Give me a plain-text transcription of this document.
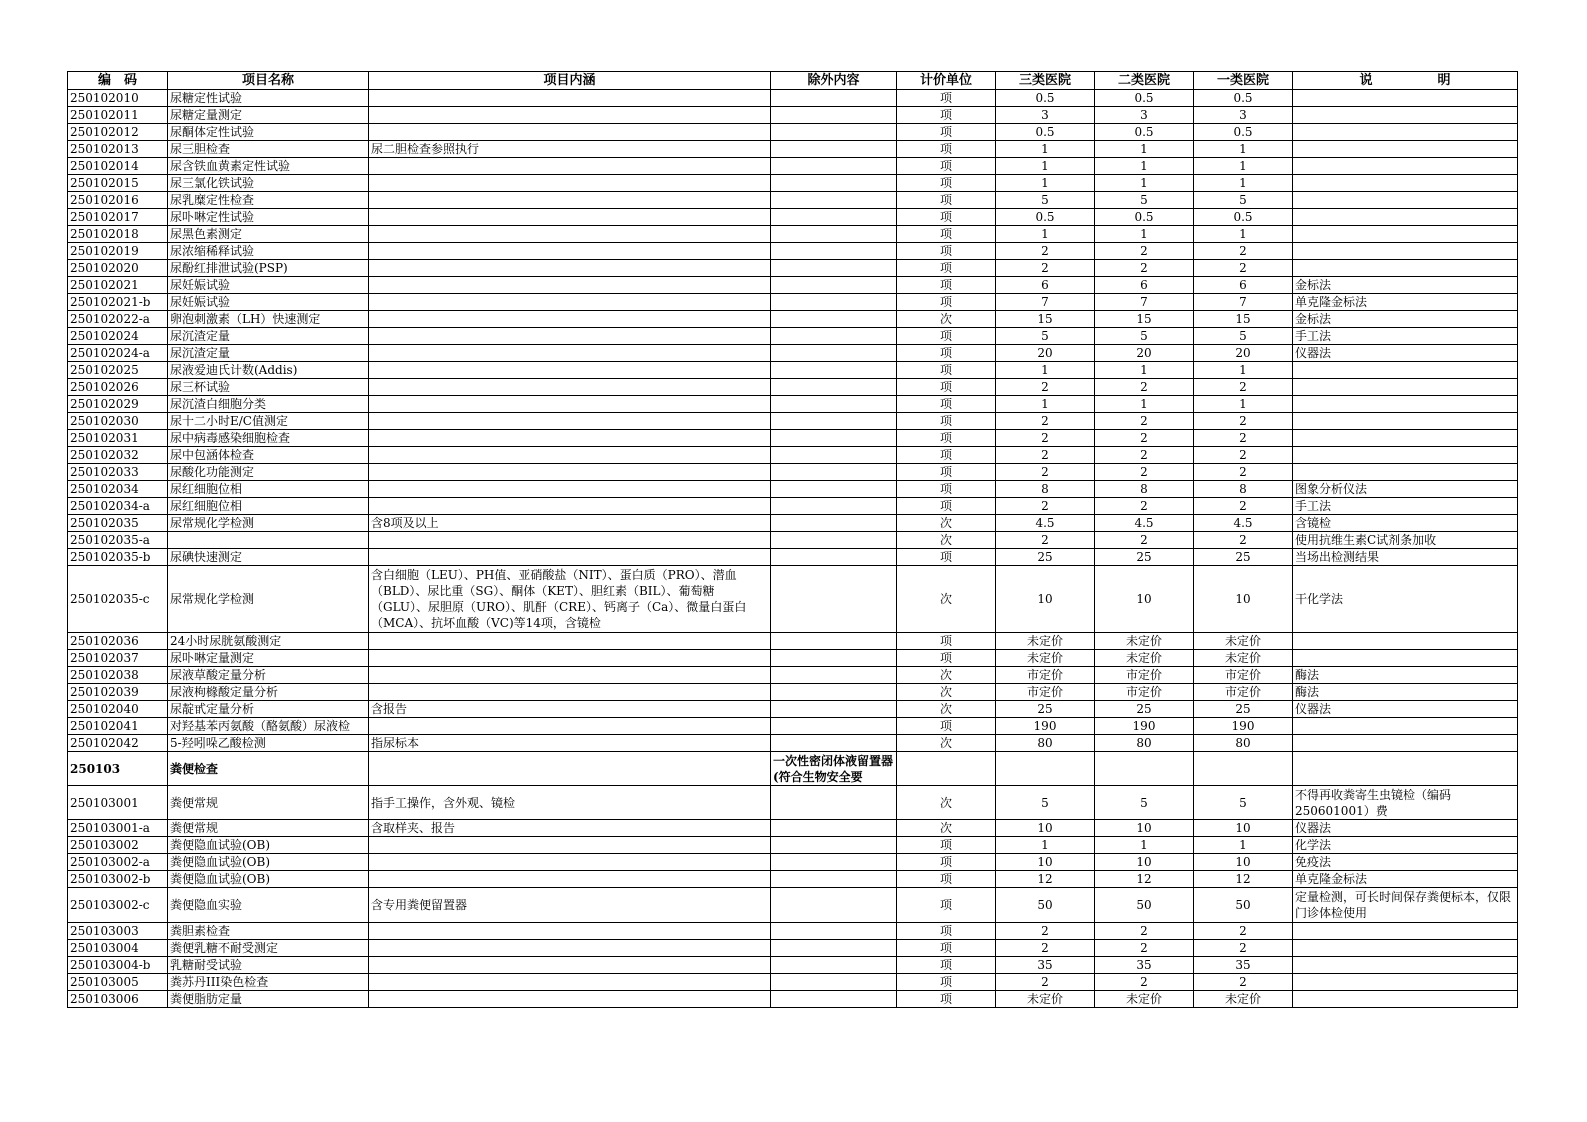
编　码	项目名称	项目内涵	除外内容	计价单位	三类医院	二类医院	一类医院	说　　　　　明
250102010	尿糖定性试验			项	0.5	0.5	0.5	
250102011	尿糖定量测定			项	3	3	3	
250102012	尿酮体定性试验			项	0.5	0.5	0.5	
250102013	尿三胆检查	尿二胆检查参照执行		项	1	1	1	
250102014	尿含铁血黄素定性试验			项	1	1	1	
250102015	尿三氯化铁试验			项	1	1	1	
250102016	尿乳糜定性检查			项	5	5	5	
250102017	尿卟啉定性试验			项	0.5	0.5	0.5	
250102018	尿黑色素测定			项	1	1	1	
250102019	尿浓缩稀释试验			项	2	2	2	
250102020	尿酚红排泄试验(PSP)			项	2	2	2	
250102021	尿妊娠试验			项	6	6	6	金标法
250102021-b	尿妊娠试验			项	7	7	7	单克隆金标法
250102022-a	卵泡刺激素（LH）快速测定			次	15	15	15	金标法
250102024	尿沉渣定量			项	5	5	5	手工法
250102024-a	尿沉渣定量			项	20	20	20	仪器法
250102025	尿液爱迪氏计数(Addis)			项	1	1	1	
250102026	尿三杯试验			项	2	2	2	
250102029	尿沉渣白细胞分类			项	1	1	1	
250102030	尿十二小时E/C值测定			项	2	2	2	
250102031	尿中病毒感染细胞检查			项	2	2	2	
250102032	尿中包涵体检查			项	2	2	2	
250102033	尿酸化功能测定			项	2	2	2	
250102034	尿红细胞位相			项	8	8	8	图象分析仪法
250102034-a	尿红细胞位相			项	2	2	2	手工法
250102035	尿常规化学检测	含8项及以上		次	4.5	4.5	4.5	含镜检
250102035-a				次	2	2	2	使用抗维生素C试剂条加收
250102035-b	尿碘快速测定			项	25	25	25	当场出检测结果
250102035-c	尿常规化学检测	含白细胞（LEU）、PH值、亚硝酸盐（NIT）、蛋白质（PRO）、潜血（BLD）、尿比重（SG）、酮体（KET）、胆红素（BIL）、葡萄糖（GLU）、尿胆原（URO）、肌酐（CRE）、钙离子（Ca）、微量白蛋白（MCA）、抗坏血酸（VC)等14项，含镜检		次	10	10	10	干化学法
250102036	24小时尿胱氨酸测定			项	未定价	未定价	未定价	
250102037	尿卟啉定量测定			项	未定价	未定价	未定价	
250102038	尿液草酸定量分析			次	市定价	市定价	市定价	酶法
250102039	尿液枸橼酸定量分析			次	市定价	市定价	市定价	酶法
250102040	尿靛甙定量分析	含报告		次	25	25	25	仪器法
250102041	对羟基苯丙氨酸（酪氨酸）尿液检			项	190	190	190	
250102042	5-羟吲哚乙酸检测	指尿标本		次	80	80	80	
250103	粪便检查		一次性密闭体液留置器(符合生物安全要					
250103001	粪便常规	指手工操作，含外观、镜检		次	5	5	5	不得再收粪寄生虫镜检（编码250601001）费
250103001-a	粪便常规	含取样夹、报告		次	10	10	10	仪器法
250103002	粪便隐血试验(OB)			项	1	1	1	化学法
250103002-a	粪便隐血试验(OB)			项	10	10	10	免疫法
250103002-b	粪便隐血试验(OB)			项	12	12	12	单克隆金标法
250103002-c	粪便隐血实验	含专用粪便留置器		项	50	50	50	定量检测，可长时间保存粪便标本，仅限门诊体检使用
250103003	粪胆素检查			项	2	2	2	
250103004	粪便乳糖不耐受测定			项	2	2	2	
250103004-b	乳糖耐受试验			项	35	35	35	
250103005	粪苏丹III染色检查			项	2	2	2	
250103006	粪便脂肪定量			项	未定价	未定价	未定价	
